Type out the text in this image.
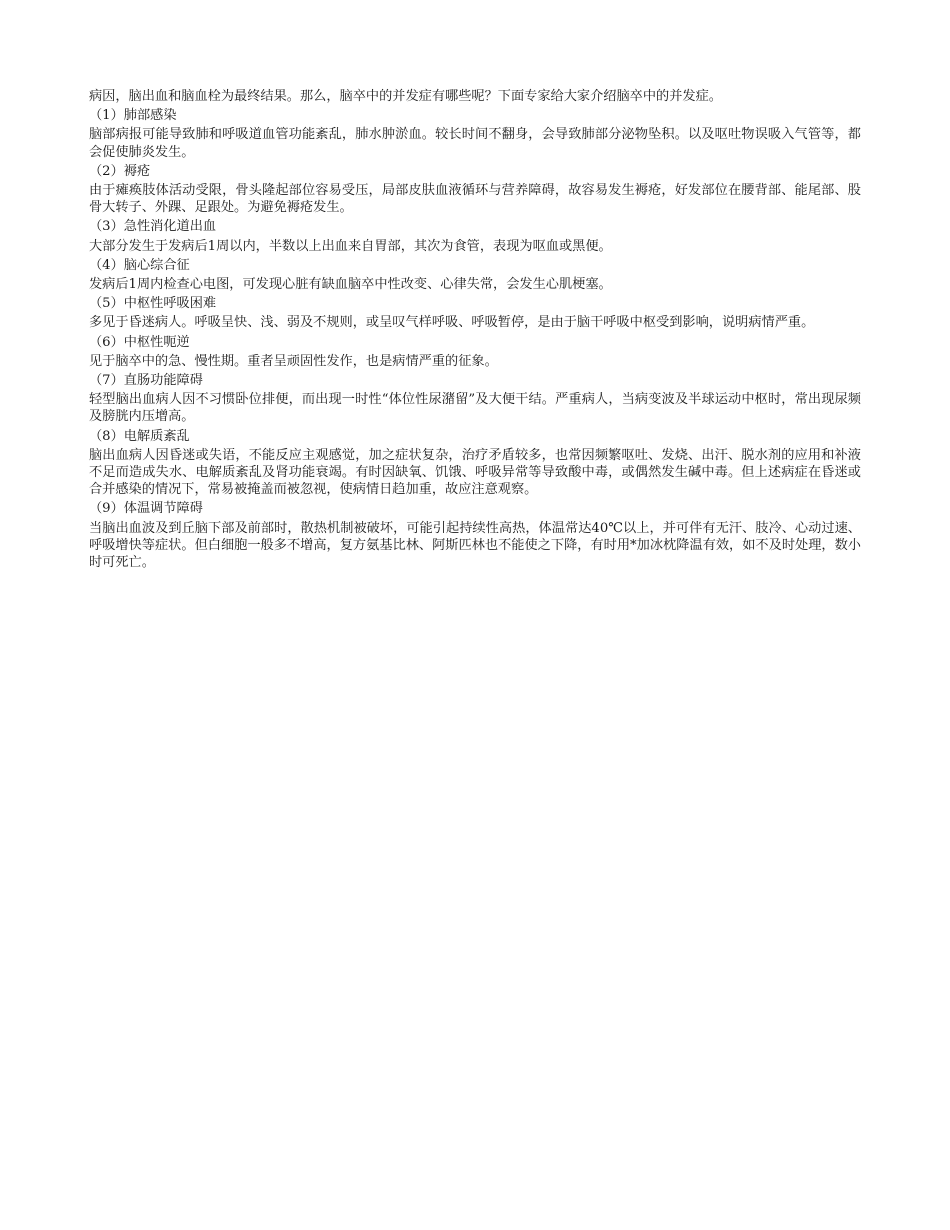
病因，脑出血和脑血栓为最终结果。那么，脑卒中的并发症有哪些呢？下面专家给大家介绍脑卒中的并发症。

（1）肺部感染

脑部病报可能导致肺和呼吸道血管功能紊乱，肺水肿淤血。较长时间不翻身，会导致肺部分泌物坠积。以及呕吐物误吸入气管等，都会促使肺炎发生。

（2）褥疮

由于瘫痪肢体活动受限，骨头隆起部位容易受压，局部皮肤血液循环与营养障碍，故容易发生褥疮，好发部位在腰背部、能尾部、股骨大转子、外踝、足跟处。为避免褥疮发生。

（3）急性消化道出血

大部分发生于发病后1周以内，半数以上出血来自胃部，其次为食管，表现为呕血或黑便。

（4）脑心综合征

发病后1周内检查心电图，可发现心脏有缺血脑卒中性改变、心律失常，会发生心肌梗塞。

（5）中枢性呼吸困难

多见于昏迷病人。呼吸呈快、浅、弱及不规则，或呈叹气样呼吸、呼吸暂停，是由于脑干呼吸中枢受到影响，说明病情严重。

（6）中枢性呃逆

见于脑卒中的急、慢性期。重者呈顽固性发作，也是病情严重的征象。

（7）直肠功能障碍

轻型脑出血病人因不习惯卧位排便，而出现一时性“体位性尿潴留”及大便干结。严重病人，当病变波及半球运动中枢时，常出现尿频及膀胱内压增高。

（8）电解质紊乱

脑出血病人因昏迷或失语，不能反应主观感觉，加之症状复杂，治疗矛盾较多，也常因频繁呕吐、发烧、出汗、脱水剂的应用和补液不足而造成失水、电解质紊乱及肾功能衰竭。有时因缺氧、饥饿、呼吸异常等导致酸中毒，或偶然发生碱中毒。但上述病症在昏迷或合并感染的情况下，常易被掩盖而被忽视，使病情日趋加重，故应注意观察。

（9）体温调节障碍

当脑出血波及到丘脑下部及前部时，散热机制被破坏，可能引起持续性高热，体温常达40℃以上，并可伴有无汗、肢冷、心动过速、呼吸增快等症状。但白细胞一般多不增高，复方氨基比林、阿斯匹林也不能使之下降，有时用*加冰枕降温有效，如不及时处理，数小时可死亡。
